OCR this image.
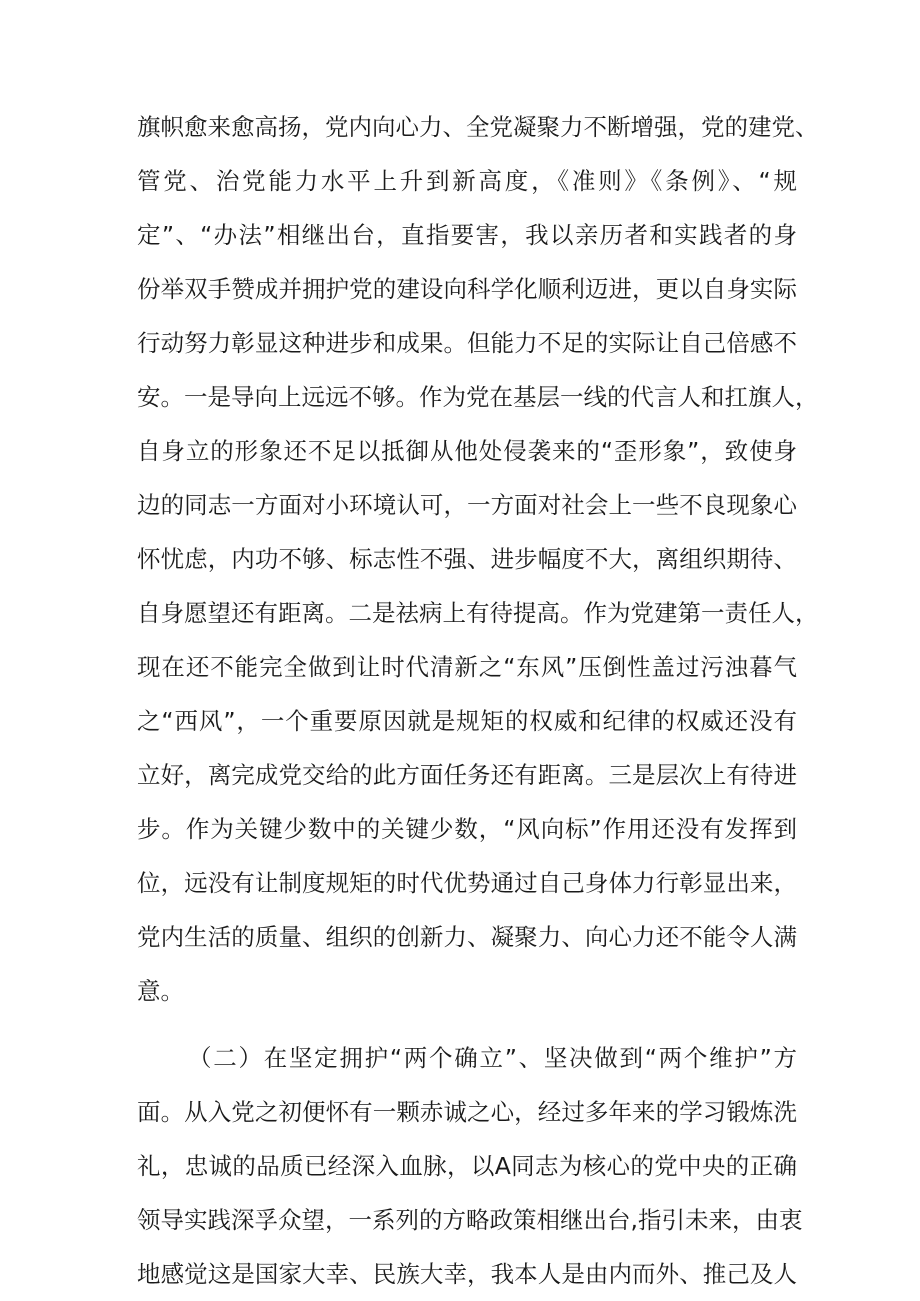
旗帜愈来愈高扬，党内向心力、全党凝聚力不断增强，党的建党、
管党、治党能力水平上升到新高度，《准则》《条例》、“规
定”、“办法”相继出台，直指要害，我以亲历者和实践者的身
份举双手赞成并拥护党的建设向科学化顺利迈进，更以自身实际
行动努力彰显这种进步和成果。但能力不足的实际让自己倍感不
安。一是导向上远远不够。作为党在基层一线的代言人和扛旗人，
自身立的形象还不足以抵御从他处侵袭来的“歪形象”，致使身
边的同志一方面对小环境认可，一方面对社会上一些不良现象心
怀忧虑，内功不够、标志性不强、进步幅度不大，离组织期待、
自身愿望还有距离。二是祛病上有待提高。作为党建第一责任人，
现在还不能完全做到让时代清新之“东风”压倒性盖过污浊暮气
之“西风”，一个重要原因就是规矩的权威和纪律的权威还没有
立好，离完成党交给的此方面任务还有距离。三是层次上有待进
步。作为关键少数中的关键少数，“风向标”作用还没有发挥到
位，远没有让制度规矩的时代优势通过自己身体力行彰显出来，
党内生活的质量、组织的创新力、凝聚力、向心力还不能令人满
意。
（二）在坚定拥护“两个确立”、坚决做到“两个维护”方
面。从入党之初便怀有一颗赤诚之心，经过多年来的学习锻炼洗
礼，忠诚的品质已经深入血脉，以A同志为核心的党中央的正确
领导实践深孚众望，一系列的方略政策相继出台,指引未来，由衷
地感觉这是国家大幸、民族大幸，我本人是由内而外、推己及人
